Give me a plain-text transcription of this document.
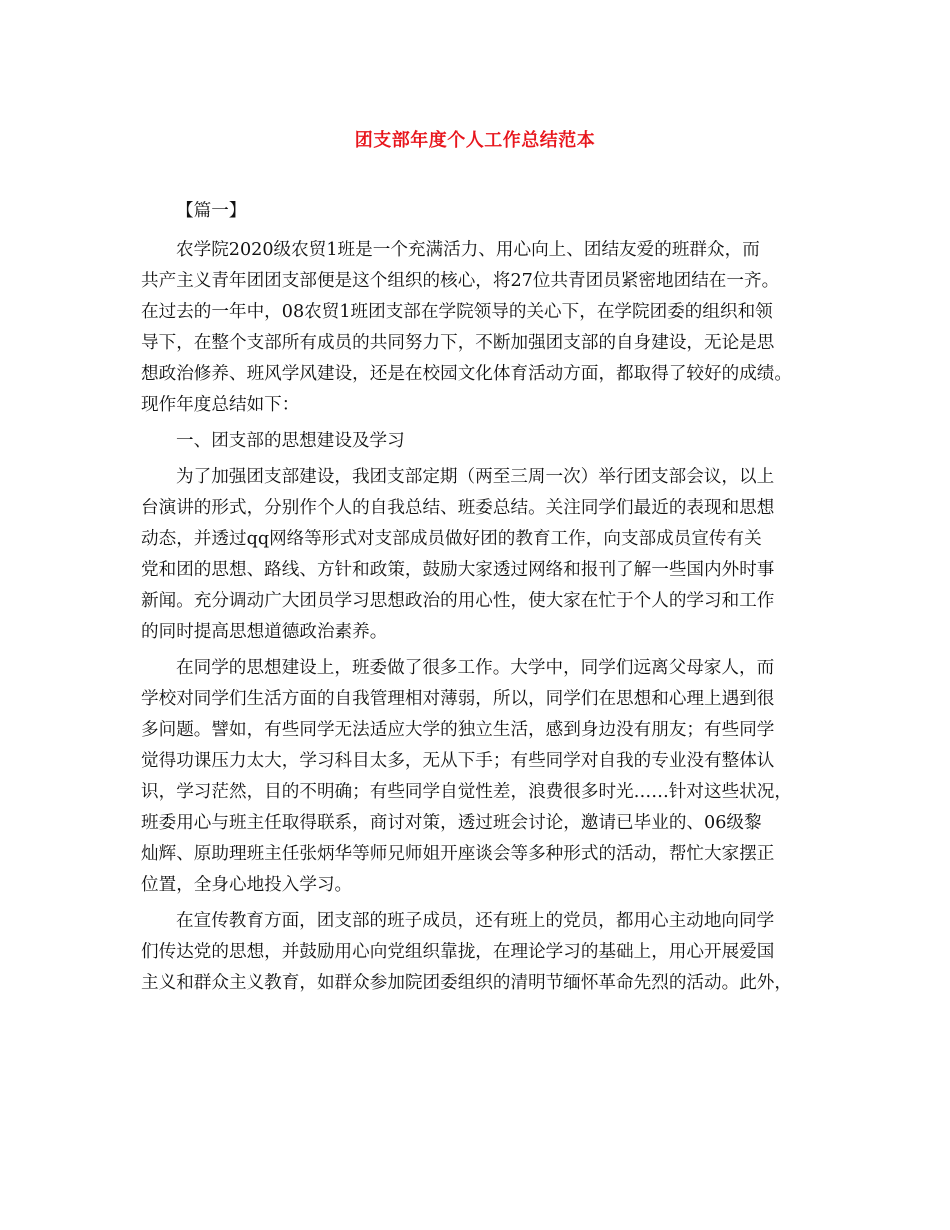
团支部年度个人工作总结范本
【篇一】
农学院2020级农贸1班是一个充满活力、用心向上、团结友爱的班群众，而
共产主义青年团团支部便是这个组织的核心，将27位共青团员紧密地团结在一齐。
在过去的一年中，08农贸1班团支部在学院领导的关心下，在学院团委的组织和领
导下，在整个支部所有成员的共同努力下，不断加强团支部的自身建设，无论是思
想政治修养、班风学风建设，还是在校园文化体育活动方面，都取得了较好的成绩。
现作年度总结如下：
一、团支部的思想建设及学习
为了加强团支部建设，我团支部定期（两至三周一次）举行团支部会议，以上
台演讲的形式，分别作个人的自我总结、班委总结。关注同学们最近的表现和思想
动态，并透过qq网络等形式对支部成员做好团的教育工作，向支部成员宣传有关
党和团的思想、路线、方针和政策，鼓励大家透过网络和报刊了解一些国内外时事
新闻。充分调动广大团员学习思想政治的用心性，使大家在忙于个人的学习和工作
的同时提高思想道德政治素养。
在同学的思想建设上，班委做了很多工作。大学中，同学们远离父母家人，而
学校对同学们生活方面的自我管理相对薄弱，所以，同学们在思想和心理上遇到很
多问题。譬如，有些同学无法适应大学的独立生活，感到身边没有朋友；有些同学
觉得功课压力太大，学习科目太多，无从下手；有些同学对自我的专业没有整体认
识，学习茫然，目的不明确；有些同学自觉性差，浪费很多时光……针对这些状况，
班委用心与班主任取得联系，商讨对策，透过班会讨论，邀请已毕业的、06级黎
灿辉、原助理班主任张炳华等师兄师姐开座谈会等多种形式的活动，帮忙大家摆正
位置，全身心地投入学习。
在宣传教育方面，团支部的班子成员，还有班上的党员，都用心主动地向同学
们传达党的思想，并鼓励用心向党组织靠拢，在理论学习的基础上，用心开展爱国
主义和群众主义教育，如群众参加院团委组织的清明节缅怀革命先烈的活动。此外，
